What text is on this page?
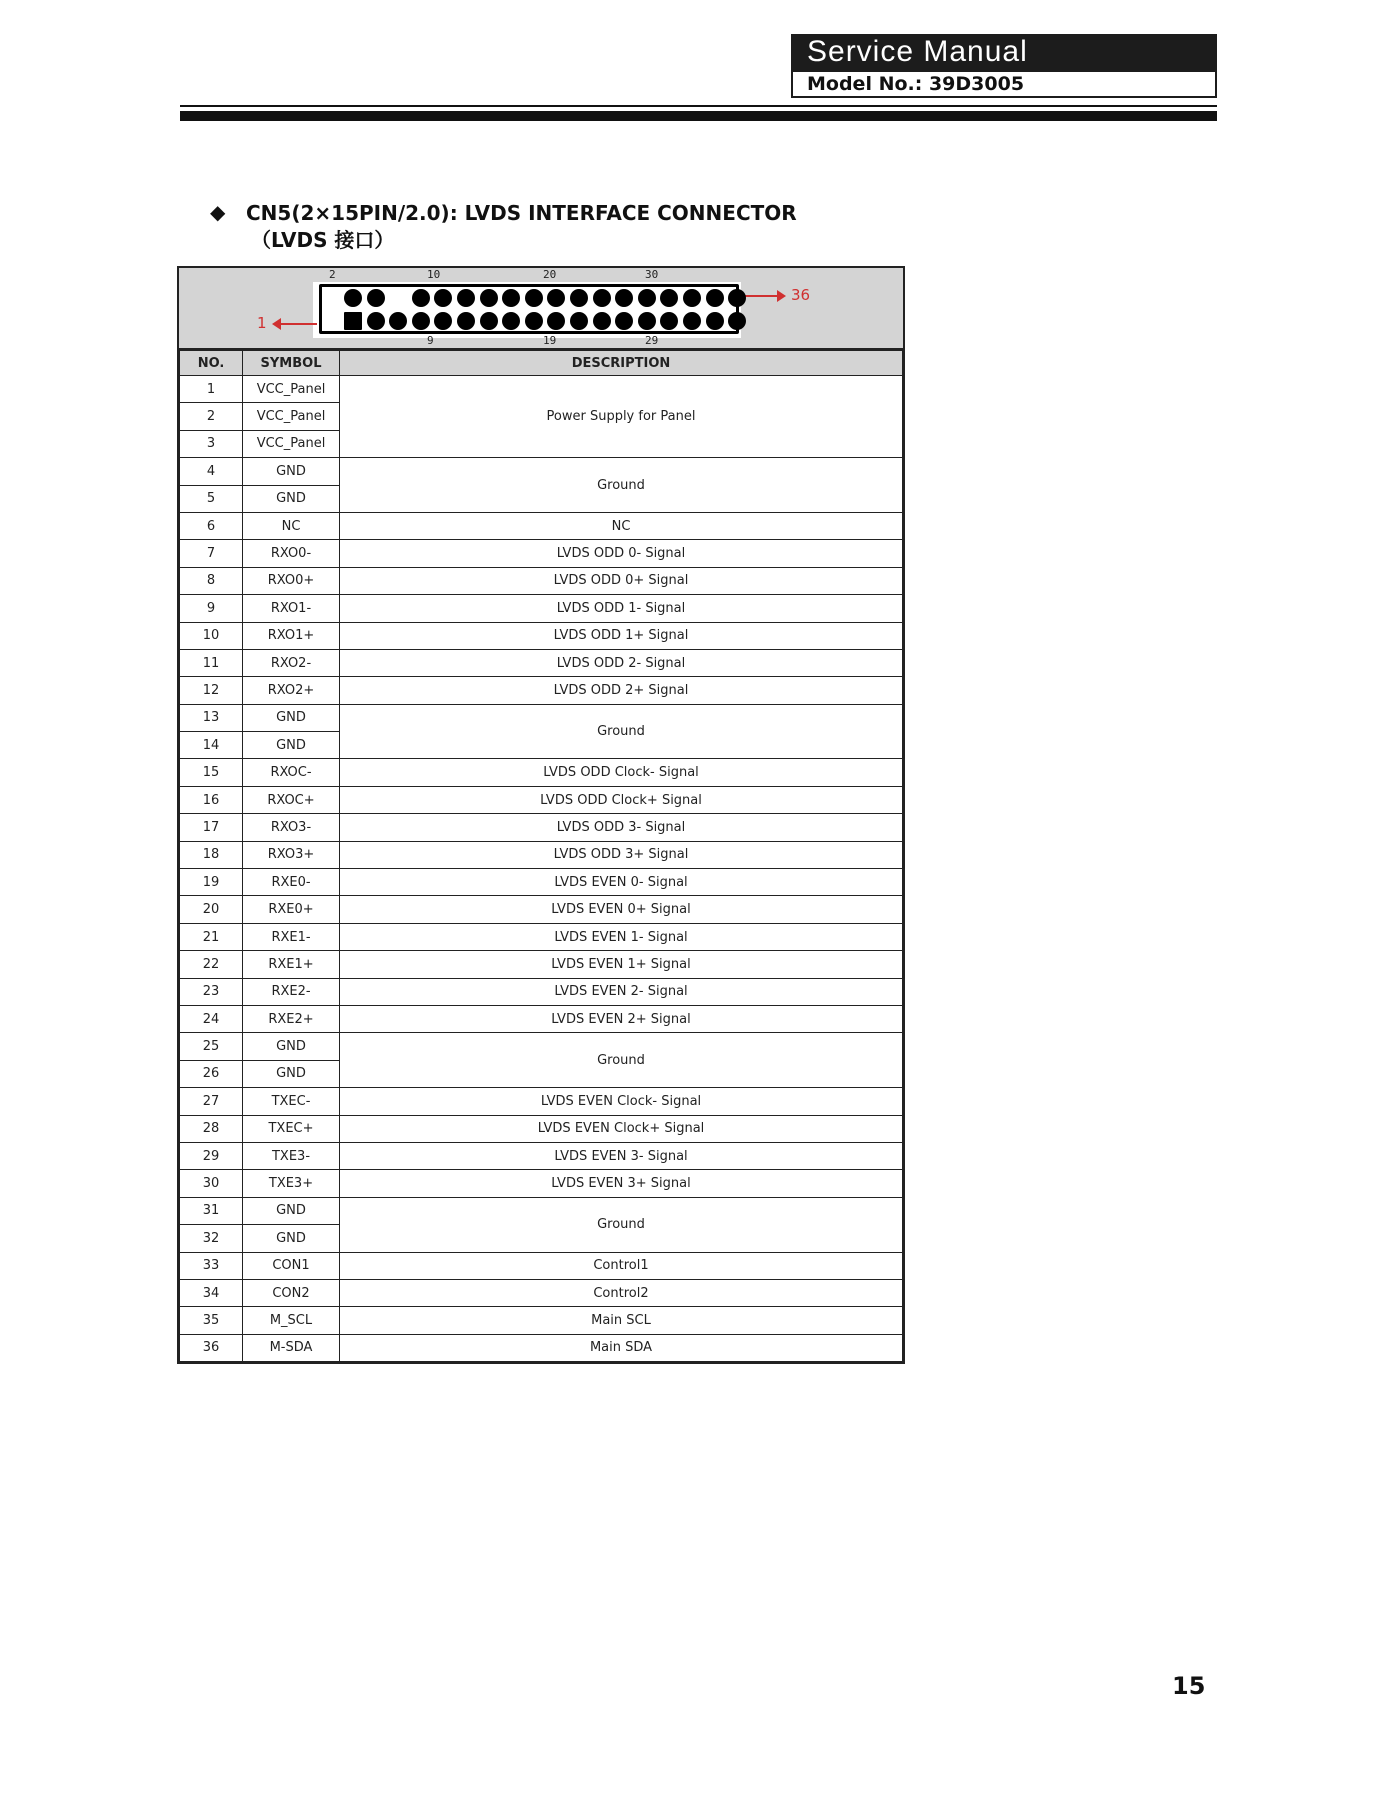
Service Manual
Model No.: 39D3005
◆ CN5(2×15PIN/2.0): LVDS INTERFACE CONNECTOR
（LVDS 接口）
2	10	20	30
9	19	29
1
36
NO.	SYMBOL	DESCRIPTION
1	VCC_Panel	Power Supply for Panel
2	VCC_Panel	
3	VCC_Panel	
4	GND	Ground
5	GND	
6	NC	NC
7	RXO0-	LVDS ODD 0- Signal
8	RXO0+	LVDS ODD 0+ Signal
9	RXO1-	LVDS ODD 1- Signal
10	RXO1+	LVDS ODD 1+ Signal
11	RXO2-	LVDS ODD 2- Signal
12	RXO2+	LVDS ODD 2+ Signal
13	GND	Ground
14	GND	
15	RXOC-	LVDS ODD Clock- Signal
16	RXOC+	LVDS ODD Clock+ Signal
17	RXO3-	LVDS ODD 3- Signal
18	RXO3+	LVDS ODD 3+ Signal
19	RXE0-	LVDS EVEN 0- Signal
20	RXE0+	LVDS EVEN 0+ Signal
21	RXE1-	LVDS EVEN 1- Signal
22	RXE1+	LVDS EVEN 1+ Signal
23	RXE2-	LVDS EVEN 2- Signal
24	RXE2+	LVDS EVEN 2+ Signal
25	GND	Ground
26	GND	
27	TXEC-	LVDS EVEN Clock- Signal
28	TXEC+	LVDS EVEN Clock+ Signal
29	TXE3-	LVDS EVEN 3- Signal
30	TXE3+	LVDS EVEN 3+ Signal
31	GND	Ground
32	GND	
33	CON1	Control1
34	CON2	Control2
35	M_SCL	Main SCL
36	M-SDA	Main SDA
15
